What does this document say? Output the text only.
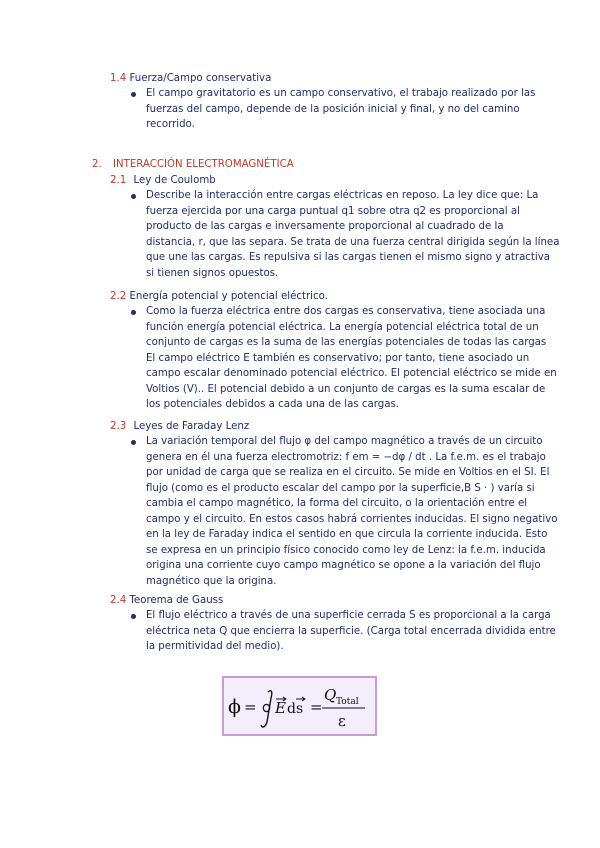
1.4 Fuerza/Campo conservativa
El campo gravitatorio es un campo conservativo, el trabajo realizado por las
fuerzas del campo, depende de la posición inicial y final, y no del camino
recorrido.
2. INTERACCIÓN ELECTROMAGNÉTICA
2.1 Ley de Coulomb
Describe la interacción entre cargas eléctricas en reposo. La ley dice que: La
fuerza ejercida por una carga puntual q1 sobre otra q2 es proporcional al
producto de las cargas e inversamente proporcional al cuadrado de la
distancia, r, que las separa. Se trata de una fuerza central dirigida según la línea
que une las cargas. Es repulsiva si las cargas tienen el mismo signo y atractiva
si tienen signos opuestos.
2.2 Energía potencial y potencial eléctrico.
Como la fuerza eléctrica entre dos cargas es conservativa, tiene asociada una
función energía potencial eléctrica. La energía potencial eléctrica total de un
conjunto de cargas es la suma de las energías potenciales de todas las cargas
El campo eléctrico E también es conservativo; por tanto, tiene asociado un
campo escalar denominado potencial eléctrico. El potencial eléctrico se mide en
Voltios (V).. El potencial debido a un conjunto de cargas es la suma escalar de
los potenciales debidos a cada una de las cargas.
2.3 Leyes de Faraday Lenz
La variación temporal del flujo φ del campo magnético a través de un circuito
genera en él una fuerza electromotriz: f em = −dφ / dt . La f.e.m. es el trabajo
por unidad de carga que se realiza en el circuito. Se mide en Voltios en el SI. El
flujo (como es el producto escalar del campo por la superficie,B S · ) varía si
cambia el campo magnético, la forma del circuito, o la orientación entre el
campo y el circuito. En estos casos habrá corrientes inducidas. El signo negativo
en la ley de Faraday indica el sentido en que circula la corriente inducida. Esto
se expresa en un principio físico conocido como ley de Lenz: la f.e.m. inducida
origina una corriente cuyo campo magnético se opone a la variación del flujo
magnético que la origina.
2.4 Teorema de Gauss
El flujo eléctrico a través de una superficie cerrada S es proporcional a la carga
eléctrica neta Q que encierra la superficie. (Carga total encerrada dividida entre
la permitividad del medio).
ϕ = E ds =
Q Total
ε
